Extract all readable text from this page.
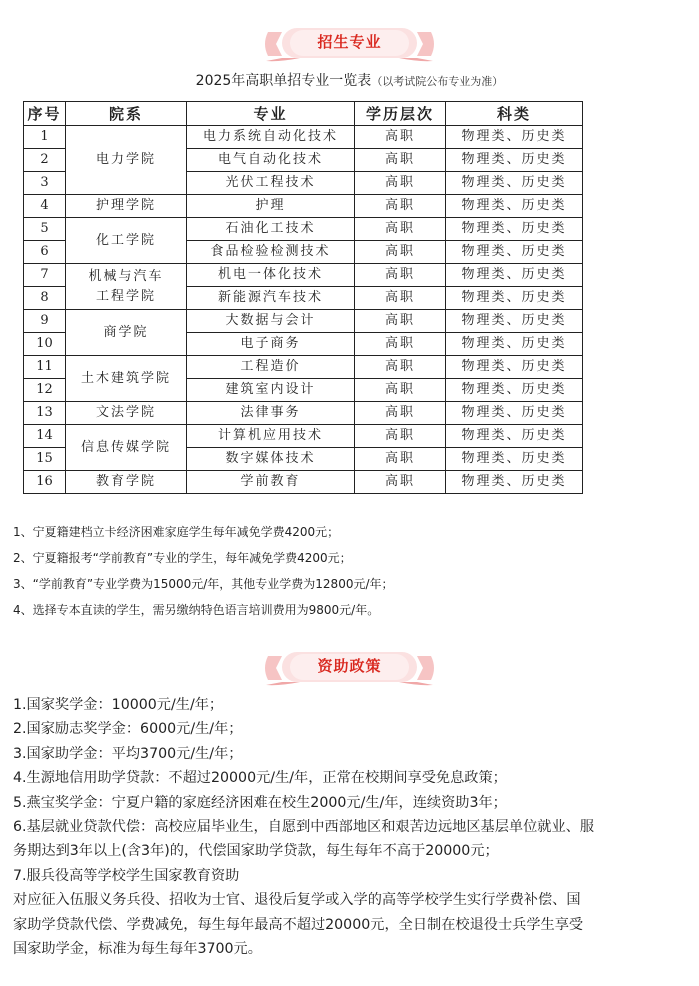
招生专业
2025年高职单招专业一览表（以考试院公布专业为准）
序号	院系	专业	学历层次	科类
1	电力学院	电力系统自动化技术	高职	物理类、历史类
2		电气自动化技术	高职	物理类、历史类
3		光伏工程技术	高职	物理类、历史类
4	护理学院	护理	高职	物理类、历史类
5	化工学院	石油化工技术	高职	物理类、历史类
6		食品检验检测技术	高职	物理类、历史类
7	机械与汽车
工程学院	机电一体化技术	高职	物理类、历史类
8		新能源汽车技术	高职	物理类、历史类
9	商学院	大数据与会计	高职	物理类、历史类
10		电子商务	高职	物理类、历史类
11	土木建筑学院	工程造价	高职	物理类、历史类
12		建筑室内设计	高职	物理类、历史类
13	文法学院	法律事务	高职	物理类、历史类
14	信息传媒学院	计算机应用技术	高职	物理类、历史类
15		数字媒体技术	高职	物理类、历史类
16	教育学院	学前教育	高职	物理类、历史类
1、宁夏籍建档立卡经济困难家庭学生每年减免学费4200元；
2、宁夏籍报考“学前教育”专业的学生，每年减免学费4200元；
3、“学前教育”专业学费为15000元/年，其他专业学费为12800元/年；
4、选择专本直读的学生，需另缴纳特色语言培训费用为9800元/年。
资助政策
1.国家奖学金：10000元/生/年；
2.国家励志奖学金：6000元/生/年；
3.国家助学金：平均3700元/生/年；
4.生源地信用助学贷款：不超过20000元/生/年，正常在校期间享受免息政策；
5.燕宝奖学金：宁夏户籍的家庭经济困难在校生2000元/生/年，连续资助3年；
6.基层就业贷款代偿：高校应届毕业生，自愿到中西部地区和艰苦边远地区基层单位就业、服
务期达到3年以上(含3年)的，代偿国家助学贷款，每生每年不高于20000元；
7.服兵役高等学校学生国家教育资助
对应征入伍服义务兵役、招收为士官、退役后复学或入学的高等学校学生实行学费补偿、国
家助学贷款代偿、学费减免，每生每年最高不超过20000元，全日制在校退役士兵学生享受
国家助学金，标准为每生每年3700元。
